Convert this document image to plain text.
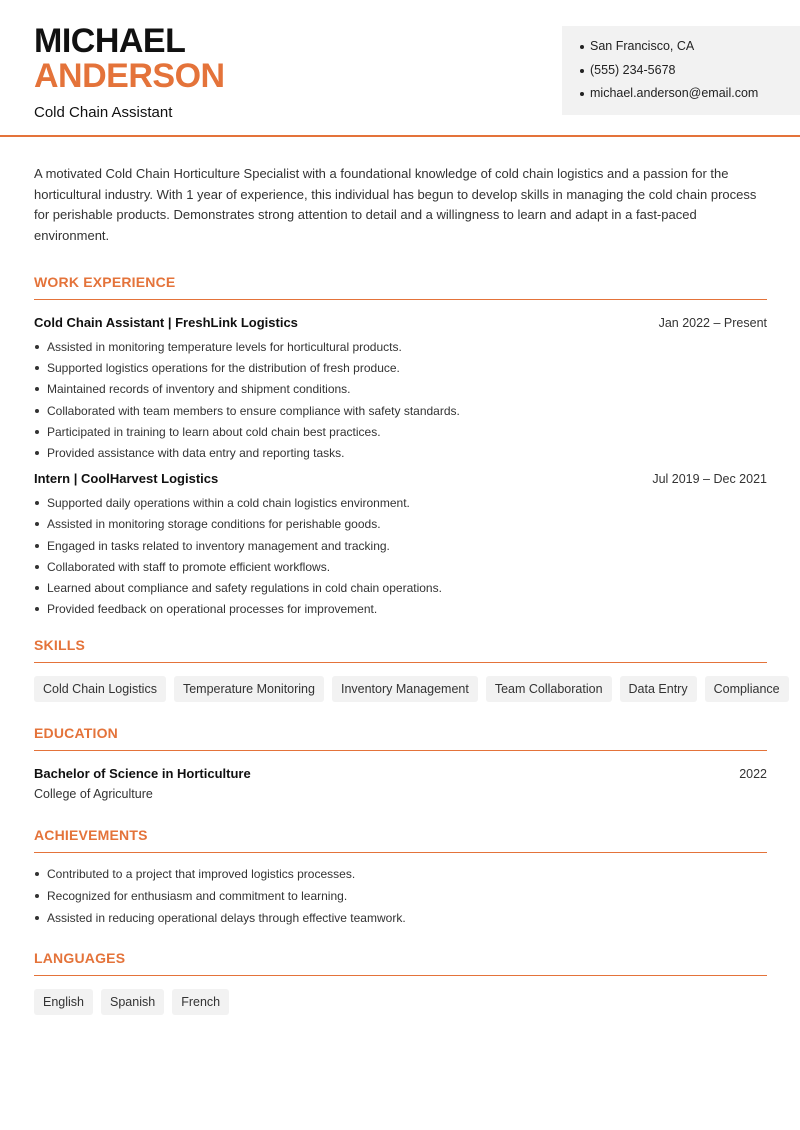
MICHAEL
ANDERSON
Cold Chain Assistant
San Francisco, CA
(555) 234-5678
michael.anderson@email.com

A motivated Cold Chain Horticulture Specialist with a foundational knowledge of cold chain logistics and a passion for the horticultural industry. With 1 year of experience, this individual has begun to develop skills in managing the cold chain process for perishable products. Demonstrates strong attention to detail and a willingness to learn and adapt in a fast-paced environment.

WORK EXPERIENCE
Cold Chain Assistant | FreshLink Logistics	Jan 2022 – Present
Assisted in monitoring temperature levels for horticultural products.
Supported logistics operations for the distribution of fresh produce.
Maintained records of inventory and shipment conditions.
Collaborated with team members to ensure compliance with safety standards.
Participated in training to learn about cold chain best practices.
Provided assistance with data entry and reporting tasks.
Intern | CoolHarvest Logistics	Jul 2019 – Dec 2021
Supported daily operations within a cold chain logistics environment.
Assisted in monitoring storage conditions for perishable goods.
Engaged in tasks related to inventory management and tracking.
Collaborated with staff to promote efficient workflows.
Learned about compliance and safety regulations in cold chain operations.
Provided feedback on operational processes for improvement.
SKILLS
Cold Chain Logistics	Temperature Monitoring	Inventory Management	Team Collaboration	Data Entry	Compliance
EDUCATION
Bachelor of Science in Horticulture	2022
College of Agriculture
ACHIEVEMENTS
Contributed to a project that improved logistics processes.
Recognized for enthusiasm and commitment to learning.
Assisted in reducing operational delays through effective teamwork.
LANGUAGES
English	Spanish	French
